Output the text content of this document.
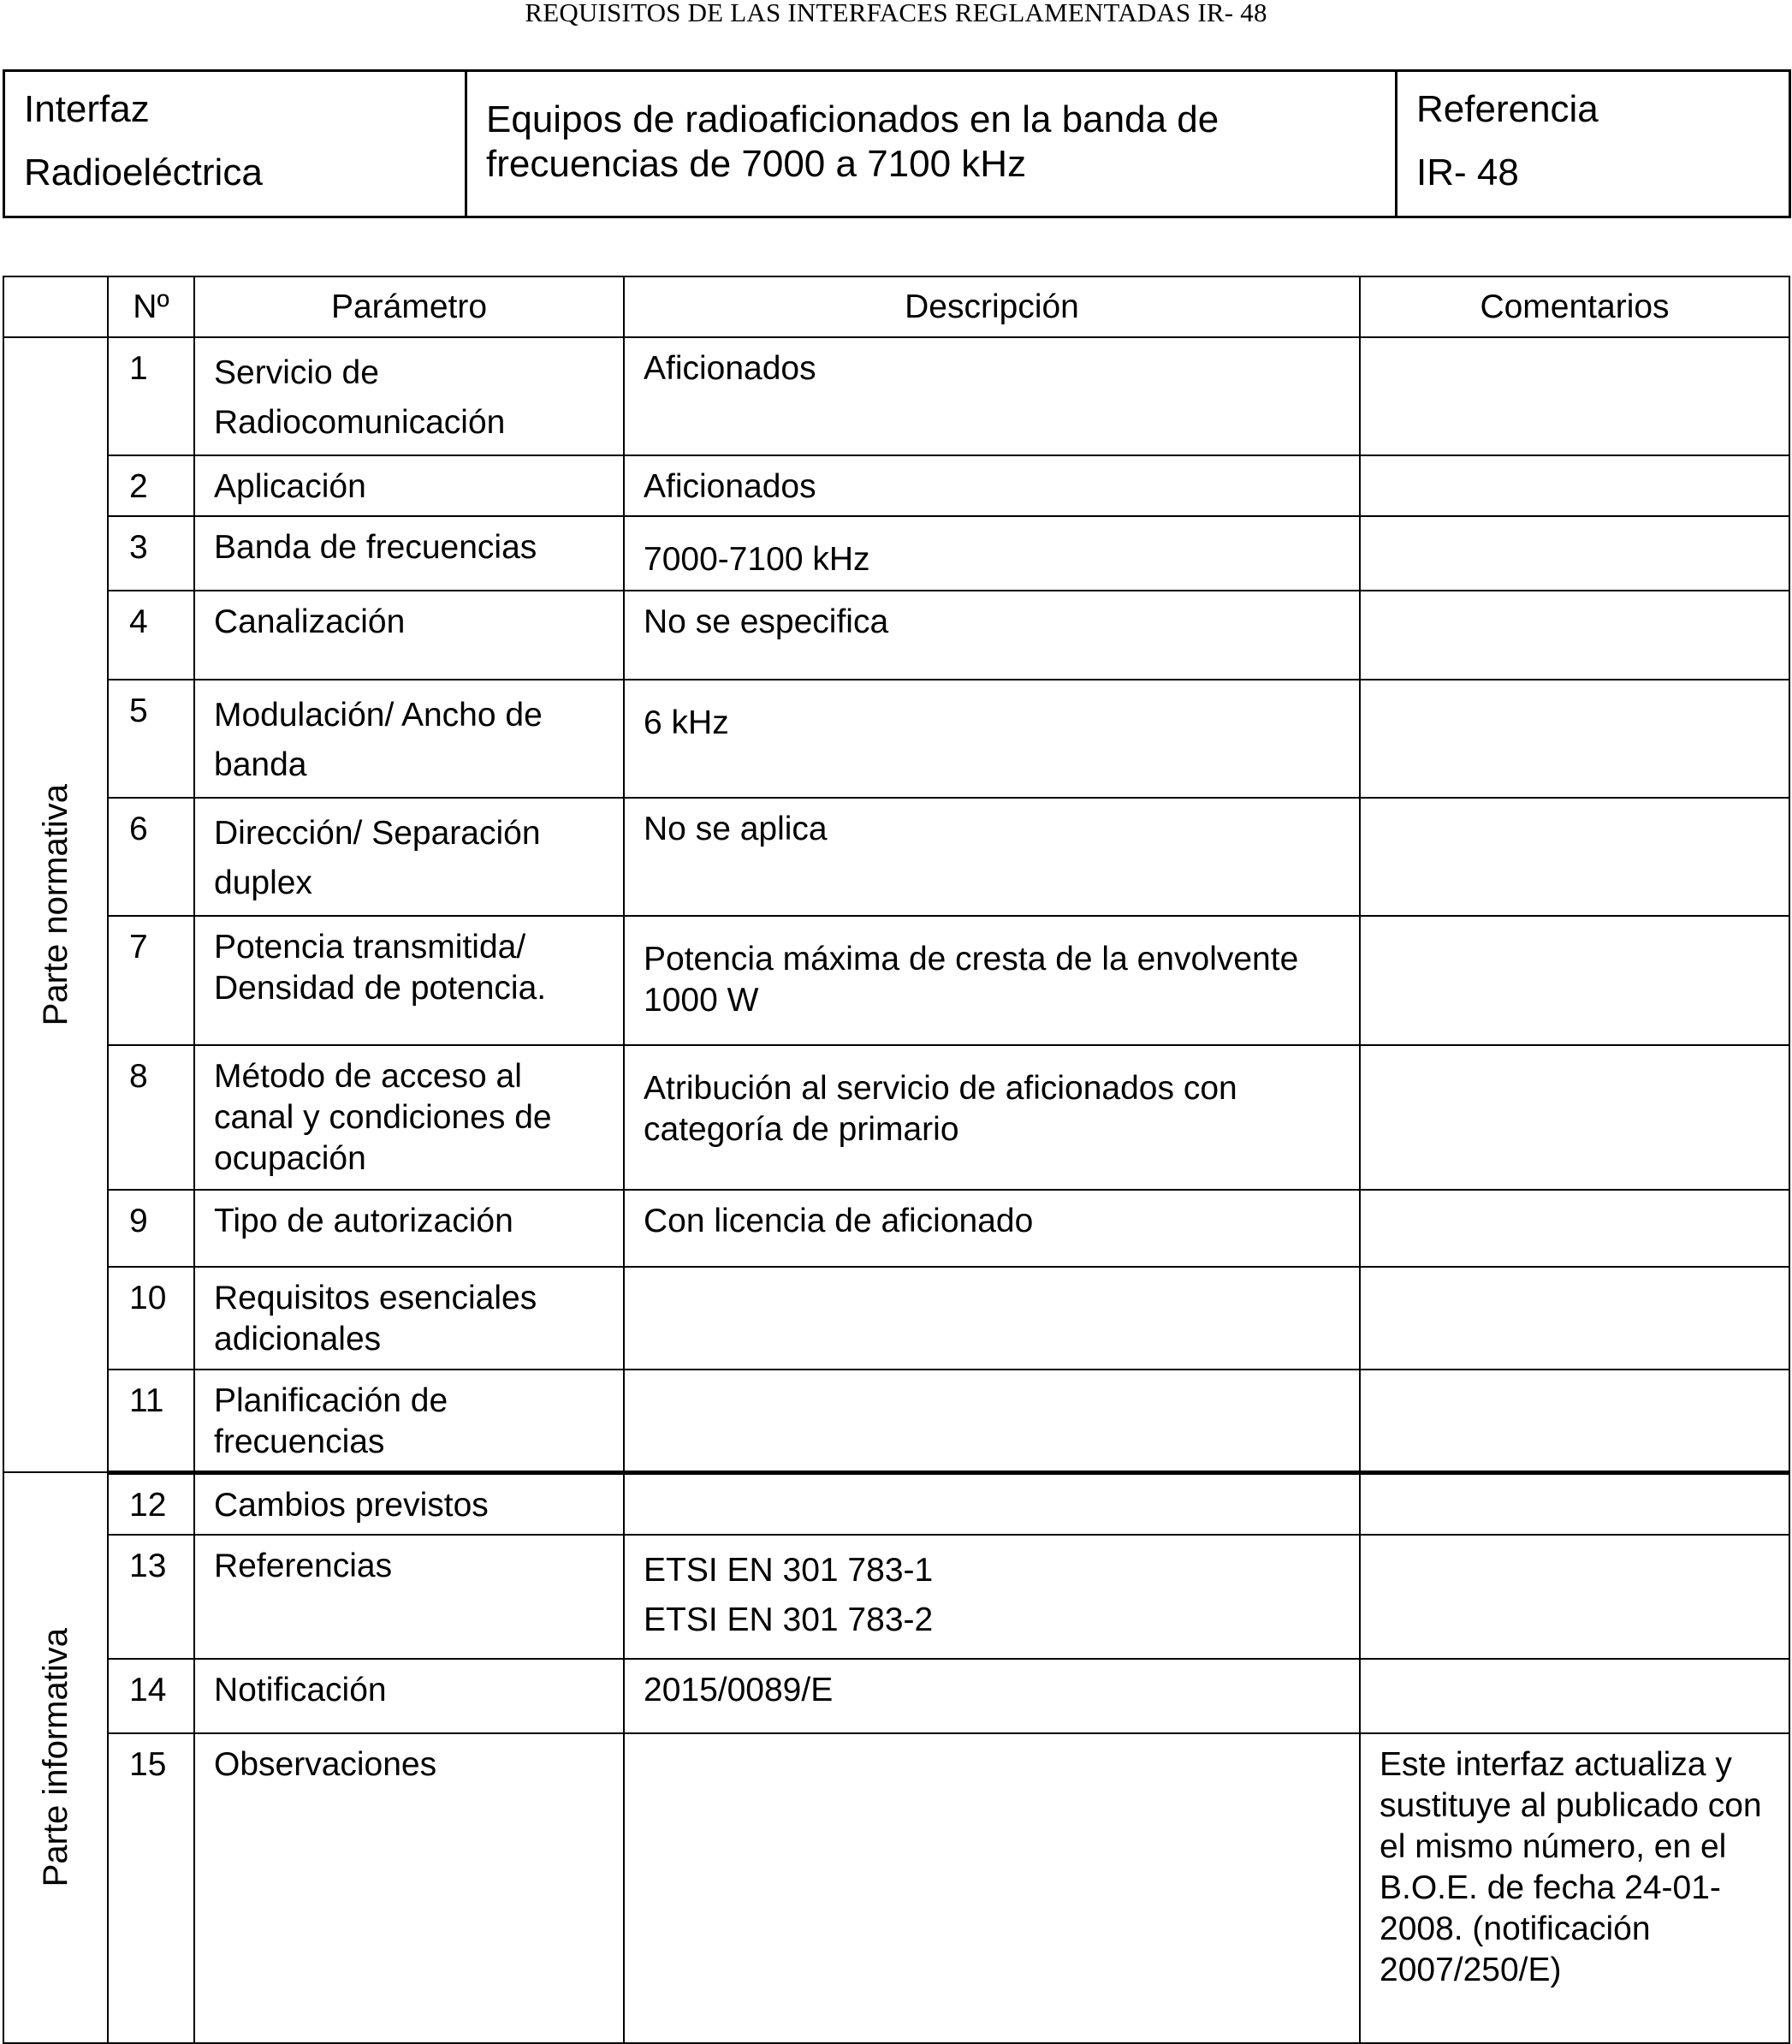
REQUISITOS DE LAS INTERFACES REGLAMENTADAS IR- 48
Interfaz
Radioeléctrica
	Equipos de radioaficionados en la banda de frecuencias de 7000 a 7100 kHz	
Referencia
IR- 48
	Nº	Parámetro	Descripción	Comentarios

Parte normativa	1	Servicio de Radiocomunicación	Aficionados	
	2	Aplicación	Aficionados	
	3	Banda de frecuencias	7000-7100 kHz	
	4	Canalización	No se especifica	
	5	Modulación/ Ancho de banda	6 kHz	
	6	Dirección/ Separación duplex	No se aplica	
	7	Potencia transmitida/ Densidad de potencia.	Potencia máxima de cresta de la envolvente 1000 W	
	8	Método de acceso al canal y condiciones de ocupación	Atribución al servicio de aficionados con categoría de primario	
	9	Tipo de autorización	Con licencia de aficionado	
	10	Requisitos esenciales adicionales		
	11	Planificación de frecuencias		

Parte informativa	12	Cambios previstos		
	13	Referencias	ETSI EN 301 783-1
ETSI EN 301 783-2	

	14	Notificación	2015/0089/E	
	15	Observaciones		Este interfaz actualiza y sustituye al publicado con el mismo número, en el B.O.E. de fecha 24-01-2008. (notificación 2007/250/E)
